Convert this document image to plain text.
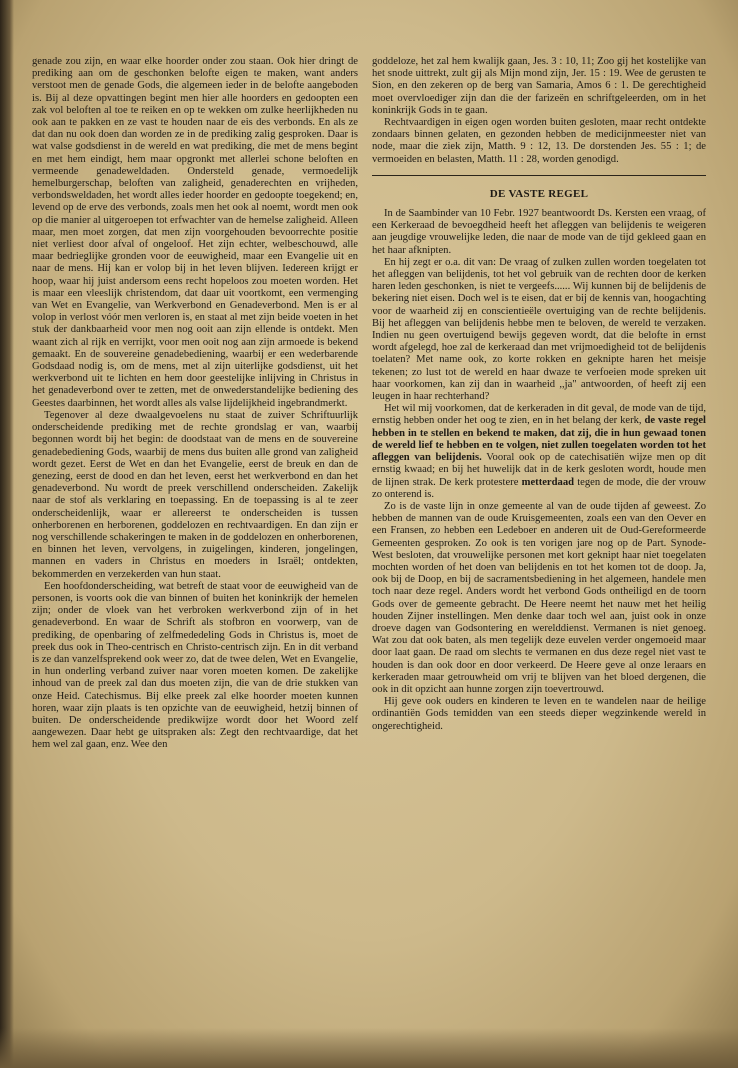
genade zou zijn, en waar elke hoorder onder zou staan. Ook hier dringt de prediking aan om de geschonken belofte eigen te maken, want anders verstoot men de genade Gods, die algemeen ieder in de belofte aangeboden is. Bij al deze opvattingen begint men hier alle hoorders en gedoopten een zak vol beloften al toe te reiken en op te wekken om zulke heerlijkheden nu ook aan te pakken en ze vast te houden naar de eis des verbonds. En als ze dat dan nu ook doen dan worden ze in de prediking zalig gesproken. Daar is wat valse godsdienst in de wereld en wat prediking, die met de mens begint en met hem eindigt, hem maar opgronkt met allerlei schone beloften en vermeende genadeweldaden. Ondersteld genade, vermoedelijk hemelburgerschap, beloften van zaligheid, genaderechten en vrijheden, verbondsweldaden, het wordt alles ieder hoorder en gedoopte toegekend; en, levend op de erve des verbonds, zoals men het ook al noemt, wordt men ook op die manier al uitgeroepen tot erfwachter van de hemelse zaligheid. Alleen maar, men moet zorgen, dat men zijn voorgehouden bevoorrechte positie niet verliest door afval of ongeloof. Het zijn echter, welbeschouwd, alle maar bedrieglijke gronden voor de eeuwigheid, maar een Evangelie uit en naar de mens. Hij kan er volop bij in het leven blijven. Iedereen krijgt er hoop, waar hij juist andersom eens recht hopeloos zou moeten worden. Het is maar een vleeslijk christendom, dat daar uit voortkomt, een vermenging van Wet en Evangelie, van Werkverbond en Genadeverbond. Men is er al volop in verlost vóór men verloren is, en staat al met zijn beide voeten in het stuk der dankbaarheid voor men nog ooit aan zijn ellende is ontdekt. Men waant zich al rijk en verrijkt, voor men ooit nog aan zijn armoede is bekend gemaakt. En de souvereine genadebediening, waarbij er een wederbarende Godsdaad nodig is, om de mens, met al zijn uiterlijke godsdienst, uit het werkverbond uit te lichten en hem door geestelijke inlijving in Christus in het genadeverbond over te zetten, met de onwederstandelijke bediening des Geestes daarbinnen, het wordt alles als valse lijdelijkheid ingebrandmerkt.

Tegenover al deze dwaalgevoelens nu staat de zuiver Schriftuurlijk onderscheidende prediking met de rechte grondslag er van, waarbij begonnen wordt bij het begin: de doodstaat van de mens en de souvereine genadebediening Gods, waarbij de mens dus buiten alle grond van zaligheid wordt gezet. Eerst de Wet en dan het Evangelie, eerst de breuk en dan de genezing, eerst de dood en dan het leven, eerst het werkverbond en dan het genadeverbond. Nu wordt de preek verschillend onderscheiden. Zakelijk naar de stof als verklaring en toepassing. En de toepassing is al te zeer onderscheidenlijk, waar er allereerst te onderscheiden is tussen onherborenen en herborenen, goddelozen en rechtvaardigen. En dan zijn er nog verschillende schakeringen te maken in de goddelozen en onherborenen, en binnen het leven, vervolgens, in zuigelingen, kinderen, jongelingen, mannen en vaders in Christus en moeders in Israël; ontdekten, bekommerden en verzekerden van hun staat.

Een hoofdonderscheiding, wat betreft de staat voor de eeuwigheid van de personen, is voorts ook die van binnen of buiten het koninkrijk der hemelen zijn; onder de vloek van het verbroken werkverbond zijn of in het genadeverbond. En waar de Schrift als stofbron en voorwerp, van de prediking, de openbaring of zelfmededeling Gods in Christus is, moet de preek dus ook in Theo-centrisch en Christo-centrisch zijn. En in dit verband is ze dan vanzelfsprekend ook weer zo, dat de twee delen, Wet en Evangelie, in hun onderling verband zuiver naar voren moeten komen. De zakelijke inhoud van de preek zal dan dus moeten zijn, die van de drie stukken van onze Heid. Catechismus. Bij elke preek zal elke hoorder moeten kunnen horen, waar zijn plaats is ten opzichte van de eeuwigheid, hetzij binnen of buiten. De onderscheidende predikwijze wordt door het Woord zelf aangewezen. Daar hebt ge uitspraken als: Zegt den rechtvaardige, dat het hem wel zal gaan, enz. Wee den

goddeloze, het zal hem kwalijk gaan, Jes. 3 : 10, 11; Zoo gij het kostelijke van het snode uittrekt, zult gij als Mijn mond zijn, Jer. 15 : 19. Wee de gerusten te Sion, en den zekeren op de berg van Samaria, Amos 6 : 1. De gerechtigheid moet overvloediger zijn dan die der farizeën en schriftgeleerden, om in het koninkrijk Gods in te gaan.

Rechtvaardigen in eigen ogen worden buiten gesloten, maar recht ontdekte zondaars binnen gelaten, en gezonden hebben de medicijnmeester niet van node, maar die ziek zijn, Matth. 9 : 12, 13. De dorstenden Jes. 55 : 1; de vermoeiden en belasten, Matth. 11 : 28, worden genodigd.

DE VASTE REGEL

In de Saambinder van 10 Febr. 1927 beantwoordt Ds. Kersten een vraag, of een Kerkeraad de bevoegdheid heeft het afleggen van belijdenis te weigeren aan jeugdige vrouwelijke leden, die naar de mode van de tijd gekleed gaan en het haar afknipten.

En hij zegt er o.a. dit van: De vraag of zulken zullen worden toegelaten tot het afleggen van belijdenis, tot het vol gebruik van de rechten door de kerken haren leden geschonken, is niet te vergeefs...... Wij kunnen bij de belijdenis de bekering niet eisen. Doch wel is te eisen, dat er bij de kennis van, hoogachting voor de waarheid zij en conscientieële overtuiging van de rechte belijdenis. Bij het afleggen van belijdenis hebbe men te beloven, de wereld te verzaken. Indien nu geen overtuigend bewijs gegeven wordt, dat die belofte in ernst wordt afgelegd, hoe zal de kerkeraad dan met vrijmoedigheid tot de belijdenis toelaten? Met name ook, zo korte rokken en geknipte haren het meisje tekenen; zo lust tot de wereld en haar dwaze te verfoeien mode spreken uit haar voorkomen, kan zij dan in waarheid ,,ja" antwoorden, of heeft zij een leugen in haar rechterhand?

Het wil mij voorkomen, dat de kerkeraden in dit geval, de mode van de tijd, ernstig hebben onder het oog te zien, en in het belang der kerk, de vaste regel hebben in te stellen en bekend te maken, dat zij, die in hun gewaad tonen de wereld lief te hebben en te volgen, niet zullen toegelaten worden tot het afleggen van belijdenis. Vooral ook op de catechisatiën wijze men op dit ernstig kwaad; en bij het huwelijk dat in de kerk gesloten wordt, houde men de lijnen strak. De kerk protestere metterdaad tegen de mode, die der vrouw zo onterend is.

Zo is de vaste lijn in onze gemeente al van de oude tijden af geweest. Zo hebben de mannen van de oude Kruisgemeenten, zoals een van den Oever en een Fransen, zo hebben een Ledeboer en anderen uit de Oud-Gereformeerde Gemeenten gesproken. Zo ook is ten vorigen jare nog op de Part. Synode-West besloten, dat vrouwelijke personen met kort geknipt haar niet toegelaten mochten worden of het doen van belijdenis en tot het komen tot de doop. Ja, ook bij de Doop, en bij de sacramentsbediening in het algemeen, handele men toch naar deze regel. Anders wordt het verbond Gods ontheiligd en de toorn Gods over de gemeente gebracht. De Heere neemt het nauw met het heilig houden Zijner instellingen. Men denke daar toch wel aan, juist ook in onze droeve dagen van Godsontering en werelddienst. Vermanen is niet genoeg. Wat zou dat ook baten, als men tegelijk deze euvelen verder ongemoeid maar door laat gaan. De raad om slechts te vermanen en dus deze regel niet vast te houden is dan ook door en door verkeerd. De Heere geve al onze leraars en kerkeraden maar getrouwheid om vrij te blijven van het bloed dergenen, die ook in dit opzicht aan hunne zorgen zijn toevertrouwd.

Hij geve ook ouders en kinderen te leven en te wandelen naar de heilige ordinantiën Gods temidden van een steeds dieper wegzinkende wereld in ongerechtigheid.
